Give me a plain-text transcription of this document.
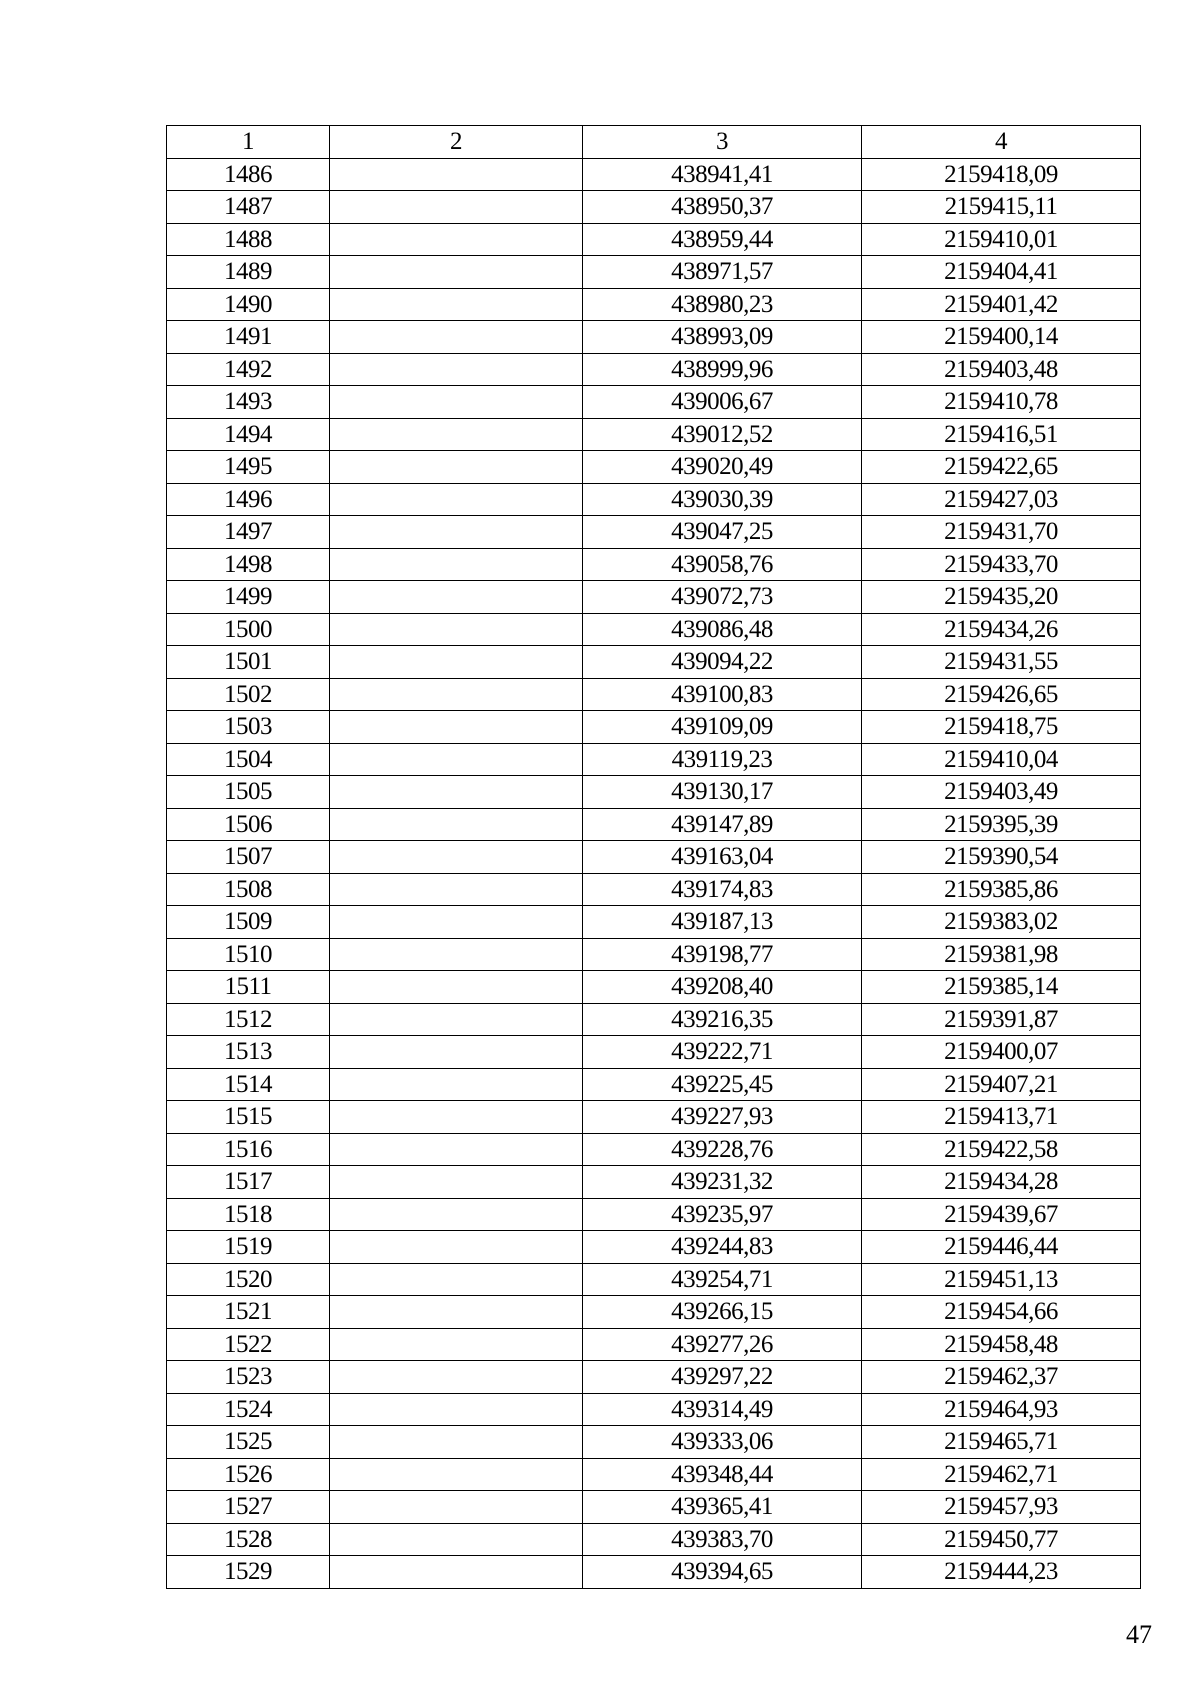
1	2	3	4
1486		438941,41	2159418,09
1487		438950,37	2159415,11
1488		438959,44	2159410,01
1489		438971,57	2159404,41
1490		438980,23	2159401,42
1491		438993,09	2159400,14
1492		438999,96	2159403,48
1493		439006,67	2159410,78
1494		439012,52	2159416,51
1495		439020,49	2159422,65
1496		439030,39	2159427,03
1497		439047,25	2159431,70
1498		439058,76	2159433,70
1499		439072,73	2159435,20
1500		439086,48	2159434,26
1501		439094,22	2159431,55
1502		439100,83	2159426,65
1503		439109,09	2159418,75
1504		439119,23	2159410,04
1505		439130,17	2159403,49
1506		439147,89	2159395,39
1507		439163,04	2159390,54
1508		439174,83	2159385,86
1509		439187,13	2159383,02
1510		439198,77	2159381,98
1511		439208,40	2159385,14
1512		439216,35	2159391,87
1513		439222,71	2159400,07
1514		439225,45	2159407,21
1515		439227,93	2159413,71
1516		439228,76	2159422,58
1517		439231,32	2159434,28
1518		439235,97	2159439,67
1519		439244,83	2159446,44
1520		439254,71	2159451,13
1521		439266,15	2159454,66
1522		439277,26	2159458,48
1523		439297,22	2159462,37
1524		439314,49	2159464,93
1525		439333,06	2159465,71
1526		439348,44	2159462,71
1527		439365,41	2159457,93
1528		439383,70	2159450,77
1529		439394,65	2159444,23
47
